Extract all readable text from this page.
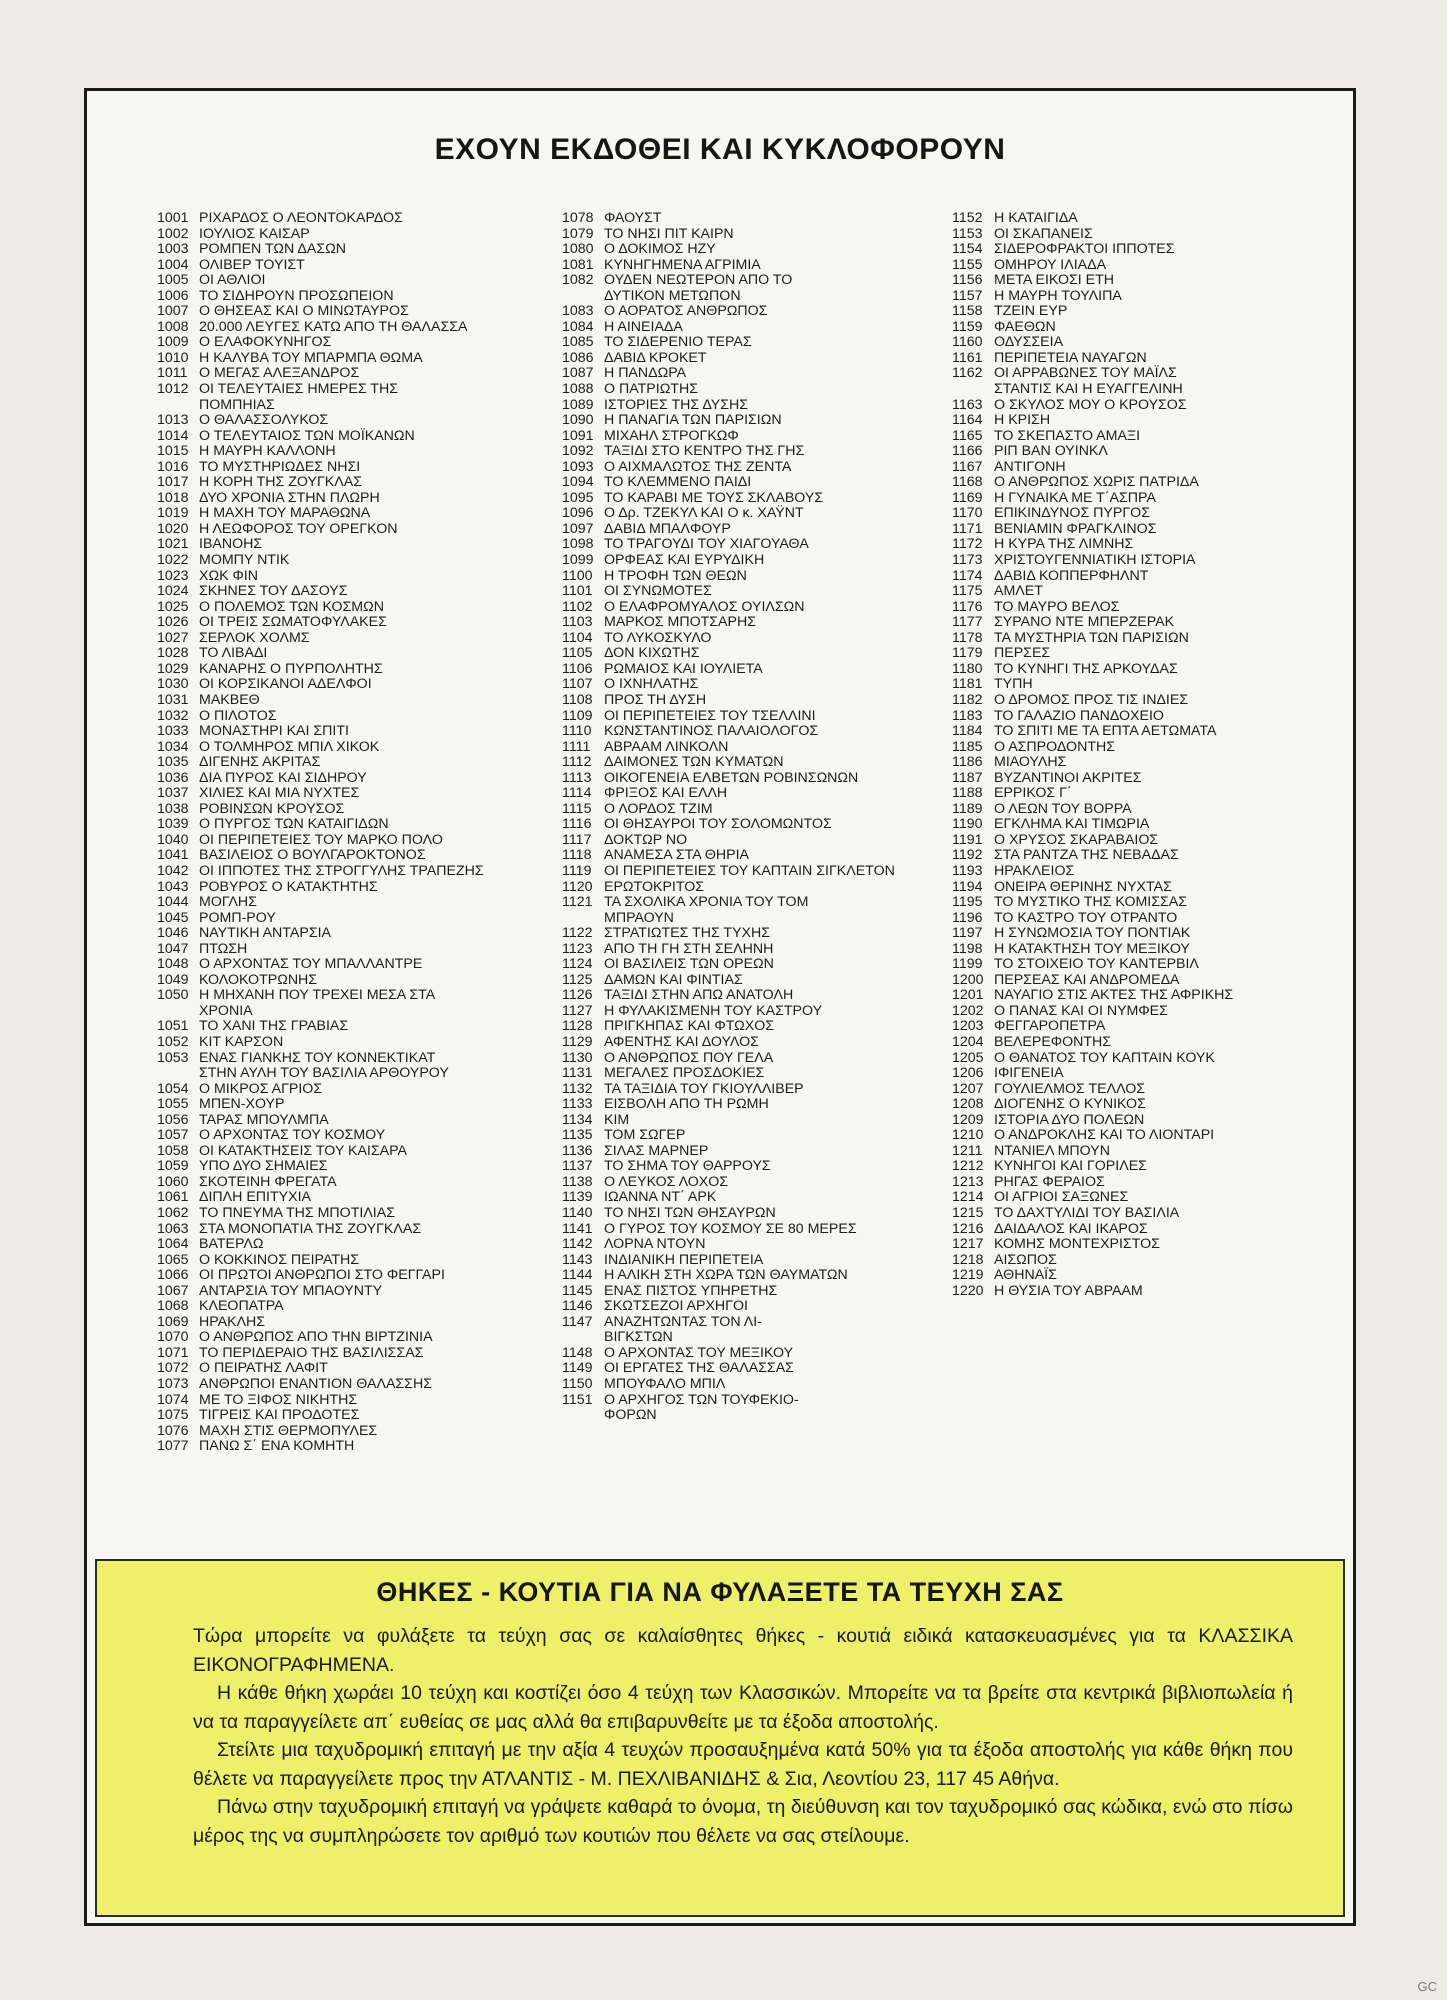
ΕΧΟΥΝ ΕΚΔΟΘΕΙ ΚΑΙ ΚΥΚΛΟΦΟΡΟΥΝ
1001 ΡΙΧΑΡΔΟΣ Ο ΛΕΟΝΤΟΚΑΡΔΟΣ
1002 ΙΟΥΛΙΟΣ ΚΑΙΣΑΡ
1003 ΡΟΜΠΕΝ ΤΩΝ ΔΑΣΩΝ
1004 ΟΛΙΒΕΡ ΤΟΥΙΣΤ
1005 ΟΙ ΑΘΛΙΟΙ
1006 ΤΟ ΣΙΔΗΡΟΥΝ ΠΡΟΣΩΠΕΙΟΝ
1007 Ο ΘΗΣΕΑΣ ΚΑΙ Ο ΜΙΝΩΤΑΥΡΟΣ
1008 20.000 ΛΕΥΓΕΣ ΚΑΤΩ ΑΠΟ ΤΗ ΘΑΛΑΣΣΑ
1009 Ο ΕΛΑΦΟΚΥΝΗΓΟΣ
1010 Η ΚΑΛΥΒΑ ΤΟΥ ΜΠΑΡΜΠΑ ΘΩΜΑ
1011 Ο ΜΕΓΑΣ ΑΛΕΞΑΝΔΡΟΣ
1012 ΟΙ ΤΕΛΕΥΤΑΙΕΣ ΗΜΕΡΕΣ ΤΗΣ
ΠΟΜΠΗΙΑΣ
1013 Ο ΘΑΛΑΣΣΟΛΥΚΟΣ
1014 Ο ΤΕΛΕΥΤΑΙΟΣ ΤΩΝ ΜΟΪΚΑΝΩΝ
1015 Η ΜΑΥΡΗ ΚΑΛΛΟΝΗ
1016 ΤΟ ΜΥΣΤΗΡΙΩΔΕΣ ΝΗΣΙ
1017 Η ΚΟΡΗ ΤΗΣ ΖΟΥΓΚΛΑΣ
1018 ΔΥΟ ΧΡΟΝΙΑ ΣΤΗΝ ΠΛΩΡΗ
1019 Η ΜΑΧΗ ΤΟΥ ΜΑΡΑΘΩΝΑ
1020 Η ΛΕΩΦΟΡΟΣ ΤΟΥ ΟΡΕΓΚΟΝ
1021 ΙΒΑΝΟΗΣ
1022 ΜΟΜΠΥ ΝΤΙΚ
1023 ΧΩΚ ΦΙΝ
1024 ΣΚΗΝΕΣ ΤΟΥ ΔΑΣΟΥΣ
1025 Ο ΠΟΛΕΜΟΣ ΤΩΝ ΚΟΣΜΩΝ
1026 ΟΙ ΤΡΕΙΣ ΣΩΜΑΤΟΦΥΛΑΚΕΣ
1027 ΣΕΡΛΟΚ ΧΟΛΜΣ
1028 ΤΟ ΛΙΒΑΔΙ
1029 ΚΑΝΑΡΗΣ Ο ΠΥΡΠΟΛΗΤΗΣ
1030 ΟΙ ΚΟΡΣΙΚΑΝΟΙ ΑΔΕΛΦΟΙ
1031 ΜΑΚΒΕΘ
1032 Ο ΠΙΛΟΤΟΣ
1033 ΜΟΝΑΣΤΗΡΙ ΚΑΙ ΣΠΙΤΙ
1034 Ο ΤΟΛΜΗΡΟΣ ΜΠΙΛ ΧΙΚΟΚ
1035 ΔΙΓΕΝΗΣ ΑΚΡΙΤΑΣ
1036 ΔΙΑ ΠΥΡΟΣ ΚΑΙ ΣΙΔΗΡΟΥ
1037 ΧΙΛΙΕΣ ΚΑΙ ΜΙΑ ΝΥΧΤΕΣ
1038 ΡΟΒΙΝΣΩΝ ΚΡΟΥΣΟΣ
1039 Ο ΠΥΡΓΟΣ ΤΩΝ ΚΑΤΑΙΓΙΔΩΝ
1040 ΟΙ ΠΕΡΙΠΕΤΕΙΕΣ ΤΟΥ ΜΑΡΚΟ ΠΟΛΟ
1041 ΒΑΣΙΛΕΙΟΣ Ο ΒΟΥΛΓΑΡΟΚΤΟΝΟΣ
1042 ΟΙ ΙΠΠΟΤΕΣ ΤΗΣ ΣΤΡΟΓΓΥΛΗΣ ΤΡΑΠΕΖΗΣ
1043 ΡΟΒΥΡΟΣ Ο ΚΑΤΑΚΤΗΤΗΣ
1044 ΜΟΓΛΗΣ
1045 ΡΟΜΠ-ΡΟΥ
1046 ΝΑΥΤΙΚΗ ΑΝΤΑΡΣΙΑ
1047 ΠΤΩΣΗ
1048 Ο ΑΡΧΟΝΤΑΣ ΤΟΥ ΜΠΑΛΛΑΝΤΡΕ
1049 ΚΟΛΟΚΟΤΡΩΝΗΣ
1050 Η ΜΗΧΑΝΗ ΠΟΥ ΤΡΕΧΕΙ ΜΕΣΑ ΣΤΑ
ΧΡΟΝΙΑ
1051 ΤΟ ΧΑΝΙ ΤΗΣ ΓΡΑΒΙΑΣ
1052 ΚΙΤ ΚΑΡΣΟΝ
1053 ΕΝΑΣ ΓΙΑΝΚΗΣ ΤΟΥ ΚΟΝΝΕΚΤΙΚΑΤ
ΣΤΗΝ ΑΥΛΗ ΤΟΥ ΒΑΣΙΛΙΑ ΑΡΘΟΥΡΟΥ
1054 Ο ΜΙΚΡΟΣ ΑΓΡΙΟΣ
1055 ΜΠΕΝ-ΧΟΥΡ
1056 ΤΑΡΑΣ ΜΠΟΥΛΜΠΑ
1057 Ο ΑΡΧΟΝΤΑΣ ΤΟΥ ΚΟΣΜΟΥ
1058 ΟΙ ΚΑΤΑΚΤΗΣΕΙΣ ΤΟΥ ΚΑΙΣΑΡΑ
1059 ΥΠΟ ΔΥΟ ΣΗΜΑΙΕΣ
1060 ΣΚΟΤΕΙΝΗ ΦΡΕΓΑΤΑ
1061 ΔΙΠΛΗ ΕΠΙΤΥΧΙΑ
1062 ΤΟ ΠΝΕΥΜΑ ΤΗΣ ΜΠΟΤΙΛΙΑΣ
1063 ΣΤΑ ΜΟΝΟΠΑΤΙΑ ΤΗΣ ΖΟΥΓΚΛΑΣ
1064 ΒΑΤΕΡΛΩ
1065 Ο ΚΟΚΚΙΝΟΣ ΠΕΙΡΑΤΗΣ
1066 ΟΙ ΠΡΩΤΟΙ ΑΝΘΡΩΠΟΙ ΣΤΟ ΦΕΓΓΑΡΙ
1067 ΑΝΤΑΡΣΙΑ ΤΟΥ ΜΠΑΟΥΝΤΥ
1068 ΚΛΕΟΠΑΤΡΑ
1069 ΗΡΑΚΛΗΣ
1070 Ο ΑΝΘΡΩΠΟΣ ΑΠΟ ΤΗΝ ΒΙΡΤΖΙΝΙΑ
1071 ΤΟ ΠΕΡΙΔΕΡΑΙΟ ΤΗΣ ΒΑΣΙΛΙΣΣΑΣ
1072 Ο ΠΕΙΡΑΤΗΣ ΛΑΦΙΤ
1073 ΑΝΘΡΩΠΟΙ ΕΝΑΝΤΙΟΝ ΘΑΛΑΣΣΗΣ
1074 ΜΕ ΤΟ ΞΙΦΟΣ ΝΙΚΗΤΗΣ
1075 ΤΙΓΡΕΙΣ ΚΑΙ ΠΡΟΔΟΤΕΣ
1076 ΜΑΧΗ ΣΤΙΣ ΘΕΡΜΟΠΥΛΕΣ
1077 ΠΑΝΩ Σ΄ ΕΝΑ ΚΟΜΗΤΗ
1078 ΦΑΟΥΣΤ
1079 ΤΟ ΝΗΣΙ ΠΙΤ ΚΑΙΡΝ
1080 Ο ΔΟΚΙΜΟΣ ΗΖΥ
1081 ΚΥΝΗΓΗΜΕΝΑ ΑΓΡΙΜΙΑ
1082 ΟΥΔΕΝ ΝΕΩΤΕΡΟΝ ΑΠΟ ΤΟ
ΔΥΤΙΚΟΝ ΜΕΤΩΠΟΝ
1083 Ο ΑΟΡΑΤΟΣ ΑΝΘΡΩΠΟΣ
1084 Η ΑΙΝΕΙΑΔΑ
1085 ΤΟ ΣΙΔΕΡΕΝΙΟ ΤΕΡΑΣ
1086 ΔΑΒΙΔ ΚΡΟΚΕΤ
1087 Η ΠΑΝΔΩΡΑ
1088 Ο ΠΑΤΡΙΩΤΗΣ
1089 ΙΣΤΟΡΙΕΣ ΤΗΣ ΔΥΣΗΣ
1090 Η ΠΑΝΑΓΙΑ ΤΩΝ ΠΑΡΙΣΙΩΝ
1091 ΜΙΧΑΗΛ ΣΤΡΟΓΚΩΦ
1092 ΤΑΞΙΔΙ ΣΤΟ ΚΕΝΤΡΟ ΤΗΣ ΓΗΣ
1093 Ο ΑΙΧΜΑΛΩΤΟΣ ΤΗΣ ΖΕΝΤΑ
1094 ΤΟ ΚΛΕΜΜΕΝΟ ΠΑΙΔΙ
1095 ΤΟ ΚΑΡΑΒΙ ΜΕ ΤΟΥΣ ΣΚΛΑΒΟΥΣ
1096 Ο Δρ. ΤΖΕΚΥΛ ΚΑΙ Ο κ. ΧΑΫΝΤ
1097 ΔΑΒΙΔ ΜΠΑΛΦΟΥΡ
1098 ΤΟ ΤΡΑΓΟΥΔΙ ΤΟΥ ΧΙΑΓΟΥΑΘΑ
1099 ΟΡΦΕΑΣ ΚΑΙ ΕΥΡΥΔΙΚΗ
1100 Η ΤΡΟΦΗ ΤΩΝ ΘΕΩΝ
1101 ΟΙ ΣΥΝΩΜΟΤΕΣ
1102 Ο ΕΛΑΦΡΟΜΥΑΛΟΣ ΟΥΙΛΣΩΝ
1103 ΜΑΡΚΟΣ ΜΠΟΤΣΑΡΗΣ
1104 ΤΟ ΛΥΚΟΣΚΥΛΟ
1105 ΔΟΝ ΚΙΧΩΤΗΣ
1106 ΡΩΜΑΙΟΣ ΚΑΙ ΙΟΥΛΙΕΤΑ
1107 Ο ΙΧΝΗΛΑΤΗΣ
1108 ΠΡΟΣ ΤΗ ΔΥΣΗ
1109 ΟΙ ΠΕΡΙΠΕΤΕΙΕΣ ΤΟΥ ΤΣΕΛΛΙΝΙ
1110 ΚΩΝΣΤΑΝΤΙΝΟΣ ΠΑΛΑΙΟΛΟΓΟΣ
1111 ΑΒΡΑΑΜ ΛΙΝΚΟΛΝ
1112 ΔΑΙΜΟΝΕΣ ΤΩΝ ΚΥΜΑΤΩΝ
1113 ΟΙΚΟΓΕΝΕΙΑ ΕΛΒΕΤΩΝ ΡΟΒΙΝΣΩΝΩΝ
1114 ΦΡΙΞΟΣ ΚΑΙ ΕΛΛΗ
1115 Ο ΛΟΡΔΟΣ ΤΖΙΜ
1116 ΟΙ ΘΗΣΑΥΡΟΙ ΤΟΥ ΣΟΛΟΜΩΝΤΟΣ
1117 ΔΟΚΤΩΡ ΝΟ
1118 ΑΝΑΜΕΣΑ ΣΤΑ ΘΗΡΙΑ
1119 ΟΙ ΠΕΡΙΠΕΤΕΙΕΣ ΤΟΥ ΚΑΠΤΑΙΝ ΣΙΓΚΛΕΤΟΝ
1120 ΕΡΩΤΟΚΡΙΤΟΣ
1121 ΤΑ ΣΧΟΛΙΚΑ ΧΡΟΝΙΑ ΤΟΥ ΤΟΜ
ΜΠΡΑΟΥΝ
1122 ΣΤΡΑΤΙΩΤΕΣ ΤΗΣ ΤΥΧΗΣ
1123 ΑΠΟ ΤΗ ΓΗ ΣΤΗ ΣΕΛΗΝΗ
1124 ΟΙ ΒΑΣΙΛΕΙΣ ΤΩΝ ΟΡΕΩΝ
1125 ΔΑΜΩΝ ΚΑΙ ΦΙΝΤΙΑΣ
1126 ΤΑΞΙΔΙ ΣΤΗΝ ΑΠΩ ΑΝΑΤΟΛΗ
1127 Η ΦΥΛΑΚΙΣΜΕΝΗ ΤΟΥ ΚΑΣΤΡΟΥ
1128 ΠΡΙΓΚΗΠΑΣ ΚΑΙ ΦΤΩΧΟΣ
1129 ΑΦΕΝΤΗΣ ΚΑΙ ΔΟΥΛΟΣ
1130 Ο ΑΝΘΡΩΠΟΣ ΠΟΥ ΓΕΛΑ
1131 ΜΕΓΑΛΕΣ ΠΡΟΣΔΟΚΙΕΣ
1132 ΤΑ ΤΑΞΙΔΙΑ ΤΟΥ ΓΚΙΟΥΛΛΙΒΕΡ
1133 ΕΙΣΒΟΛΗ ΑΠΟ ΤΗ ΡΩΜΗ
1134 ΚΙΜ
1135 ΤΟΜ ΣΩΓΕΡ
1136 ΣΙΛΑΣ ΜΑΡΝΕΡ
1137 ΤΟ ΣΗΜΑ ΤΟΥ ΘΑΡΡΟΥΣ
1138 Ο ΛΕΥΚΟΣ ΛΟΧΟΣ
1139 ΙΩΑΝΝΑ ΝΤ΄ ΑΡΚ
1140 ΤΟ ΝΗΣΙ ΤΩΝ ΘΗΣΑΥΡΩΝ
1141 Ο ΓΥΡΟΣ ΤΟΥ ΚΟΣΜΟΥ ΣΕ 80 ΜΕΡΕΣ
1142 ΛΟΡΝΑ ΝΤΟΥΝ
1143 ΙΝΔΙΑΝΙΚΗ ΠΕΡΙΠΕΤΕΙΑ
1144 Η ΑΛΙΚΗ ΣΤΗ ΧΩΡΑ ΤΩΝ ΘΑΥΜΑΤΩΝ
1145 ΕΝΑΣ ΠΙΣΤΟΣ ΥΠΗΡΕΤΗΣ
1146 ΣΚΩΤΣΕΖΟΙ ΑΡΧΗΓΟΙ
1147 ΑΝΑΖΗΤΩΝΤΑΣ ΤΟΝ ΛΙ-
ΒΙΓΚΣΤΩΝ
1148 Ο ΑΡΧΟΝΤΑΣ ΤΟΥ ΜΕΞΙΚΟΥ
1149 ΟΙ ΕΡΓΑΤΕΣ ΤΗΣ ΘΑΛΑΣΣΑΣ
1150 ΜΠΟΥΦΑΛΟ ΜΠΙΛ
1151 Ο ΑΡΧΗΓΟΣ ΤΩΝ ΤΟΥΦΕΚΙΟ-
ΦΟΡΩΝ
1152 Η ΚΑΤΑΙΓΙΔΑ
1153 ΟΙ ΣΚΑΠΑΝΕΙΣ
1154 ΣΙΔΕΡΟΦΡΑΚΤΟΙ ΙΠΠΟΤΕΣ
1155 ΟΜΗΡΟΥ ΙΛΙΑΔΑ
1156 ΜΕΤΑ ΕΙΚΟΣΙ ΕΤΗ
1157 Η ΜΑΥΡΗ ΤΟΥΛΙΠΑ
1158 ΤΖΕΙΝ ΕΥΡ
1159 ΦΑΕΘΩΝ
1160 ΟΔΥΣΣΕΙΑ
1161 ΠΕΡΙΠΕΤΕΙΑ ΝΑΥΑΓΩΝ
1162 ΟΙ ΑΡΡΑΒΩΝΕΣ ΤΟΥ ΜΑΪΛΣ
ΣΤΑΝΤΙΣ ΚΑΙ Η ΕΥΑΓΓΕΛΙΝΗ
1163 Ο ΣΚΥΛΟΣ ΜΟΥ Ο ΚΡΟΥΣΟΣ
1164 Η ΚΡΙΣΗ
1165 ΤΟ ΣΚΕΠΑΣΤΟ ΑΜΑΞΙ
1166 ΡΙΠ ΒΑΝ ΟΥΙΝΚΛ
1167 ΑΝΤΙΓΟΝΗ
1168 Ο ΑΝΘΡΩΠΟΣ ΧΩΡΙΣ ΠΑΤΡΙΔΑ
1169 Η ΓΥΝΑΙΚΑ ΜΕ Τ΄ΑΣΠΡΑ
1170 ΕΠΙΚΙΝΔΥΝΟΣ ΠΥΡΓΟΣ
1171 ΒΕΝΙΑΜΙΝ ΦΡΑΓΚΛΙΝΟΣ
1172 Η ΚΥΡΑ ΤΗΣ ΛΙΜΝΗΣ
1173 ΧΡΙΣΤΟΥΓΕΝΝΙΑΤΙΚΗ ΙΣΤΟΡΙΑ
1174 ΔΑΒΙΔ ΚΟΠΠΕΡΦΗΛΝΤ
1175 ΑΜΛΕΤ
1176 ΤΟ ΜΑΥΡΟ ΒΕΛΟΣ
1177 ΣΥΡΑΝΟ ΝΤΕ ΜΠΕΡΖΕΡΑΚ
1178 ΤΑ ΜΥΣΤΗΡΙΑ ΤΩΝ ΠΑΡΙΣΙΩΝ
1179 ΠΕΡΣΕΣ
1180 ΤΟ ΚΥΝΗΓΙ ΤΗΣ ΑΡΚΟΥΔΑΣ
1181 ΤΥΠΗ
1182 Ο ΔΡΟΜΟΣ ΠΡΟΣ ΤΙΣ ΙΝΔΙΕΣ
1183 ΤΟ ΓΑΛΑΖΙΟ ΠΑΝΔΟΧΕΙΟ
1184 ΤΟ ΣΠΙΤΙ ΜΕ ΤΑ ΕΠΤΑ ΑΕΤΩΜΑΤΑ
1185 Ο ΑΣΠΡΟΔΟΝΤΗΣ
1186 ΜΙΑΟΥΛΗΣ
1187 ΒΥΖΑΝΤΙΝΟΙ ΑΚΡΙΤΕΣ
1188 ΕΡΡΙΚΟΣ Γ΄
1189 Ο ΛΕΩΝ ΤΟΥ ΒΟΡΡΑ
1190 ΕΓΚΛΗΜΑ ΚΑΙ ΤΙΜΩΡΙΑ
1191 Ο ΧΡΥΣΟΣ ΣΚΑΡΑΒΑΙΟΣ
1192 ΣΤΑ ΡΑΝΤΖΑ ΤΗΣ ΝΕΒΑΔΑΣ
1193 ΗΡΑΚΛΕΙΟΣ
1194 ΟΝΕΙΡΑ ΘΕΡΙΝΗΣ ΝΥΧΤΑΣ
1195 ΤΟ ΜΥΣΤΙΚΟ ΤΗΣ ΚΟΜΙΣΣΑΣ
1196 ΤΟ ΚΑΣΤΡΟ ΤΟΥ ΟΤΡΑΝΤΟ
1197 Η ΣΥΝΩΜΟΣΙΑ ΤΟΥ ΠΟΝΤΙΑΚ
1198 Η ΚΑΤΑΚΤΗΣΗ ΤΟΥ ΜΕΞΙΚΟΥ
1199 ΤΟ ΣΤΟΙΧΕΙΟ ΤΟΥ ΚΑΝΤΕΡΒΙΛ
1200 ΠΕΡΣΕΑΣ ΚΑΙ ΑΝΔΡΟΜΕΔΑ
1201 ΝΑΥΑΓΙΟ ΣΤΙΣ ΑΚΤΕΣ ΤΗΣ ΑΦΡΙΚΗΣ
1202 Ο ΠΑΝΑΣ ΚΑΙ ΟΙ ΝΥΜΦΕΣ
1203 ΦΕΓΓΑΡΟΠΕΤΡΑ
1204 ΒΕΛΕΡΕΦΟΝΤΗΣ
1205 Ο ΘΑΝΑΤΟΣ ΤΟΥ ΚΑΠΤΑΙΝ ΚΟΥΚ
1206 ΙΦΙΓΕΝΕΙΑ
1207 ΓΟΥΛΙΕΛΜΟΣ ΤΕΛΛΟΣ
1208 ΔΙΟΓΕΝΗΣ Ο ΚΥΝΙΚΟΣ
1209 ΙΣΤΟΡΙΑ ΔΥΟ ΠΟΛΕΩΝ
1210 Ο ΑΝΔΡΟΚΛΗΣ ΚΑΙ ΤΟ ΛΙΟΝΤΑΡΙ
1211 ΝΤΑΝΙΕΛ ΜΠΟΥΝ
1212 ΚΥΝΗΓΟΙ ΚΑΙ ΓΟΡΙΛΕΣ
1213 ΡΗΓΑΣ ΦΕΡΑΙΟΣ
1214 ΟΙ ΑΓΡΙΟΙ ΣΑΞΩΝΕΣ
1215 ΤΟ ΔΑΧΤΥΛΙΔΙ ΤΟΥ ΒΑΣΙΛΙΑ
1216 ΔΑΙΔΑΛΟΣ ΚΑΙ ΙΚΑΡΟΣ
1217 ΚΟΜΗΣ ΜΟΝΤΕΧΡΙΣΤΟΣ
1218 ΑΙΣΩΠΟΣ
1219 ΑΘΗΝΑΪΣ
1220 Η ΘΥΣΙΑ ΤΟΥ ΑΒΡΑΑΜ
ΘΗΚΕΣ - ΚΟΥΤΙΑ ΓΙΑ ΝΑ ΦΥΛΑΞΕΤΕ ΤΑ ΤΕΥΧΗ ΣΑΣ

Τώρα μπορείτε να φυλάξετε τα τεύχη σας σε καλαίσθητες θήκες - κουτιά ειδικά κατασκευασμένες για τα ΚΛΑΣΣΙΚΑ ΕΙΚΟΝΟΓΡΑΦΗΜΕΝΑ.

Η κάθε θήκη χωράει 10 τεύχη και κοστίζει όσο 4 τεύχη των Κλασσικών. Μπορείτε να τα βρείτε στα κεντρικά βιβλιοπωλεία ή να τα παραγγείλετε απ΄ ευθείας σε μας αλλά θα επιβαρυνθείτε με τα έξοδα αποστολής.

Στείλτε μια ταχυδρομική επιταγή με την αξία 4 τευχών προσαυξημένα κατά 50% για τα έξοδα αποστολής για κάθε θήκη που θέλετε να παραγγείλετε προς την ΑΤΛΑΝΤΙΣ - Μ. ΠΕΧΛΙΒΑΝΙΔΗΣ & Σια, Λεοντίου 23, 117 45 Αθήνα.

Πάνω στην ταχυδρομική επιταγή να γράψετε καθαρά το όνομα, τη διεύθυνση και τον ταχυδρομικό σας κώδικα, ενώ στο πίσω μέρος της να συμπληρώσετε τον αριθμό των κουτιών που θέλετε να σας στείλουμε.

GC
